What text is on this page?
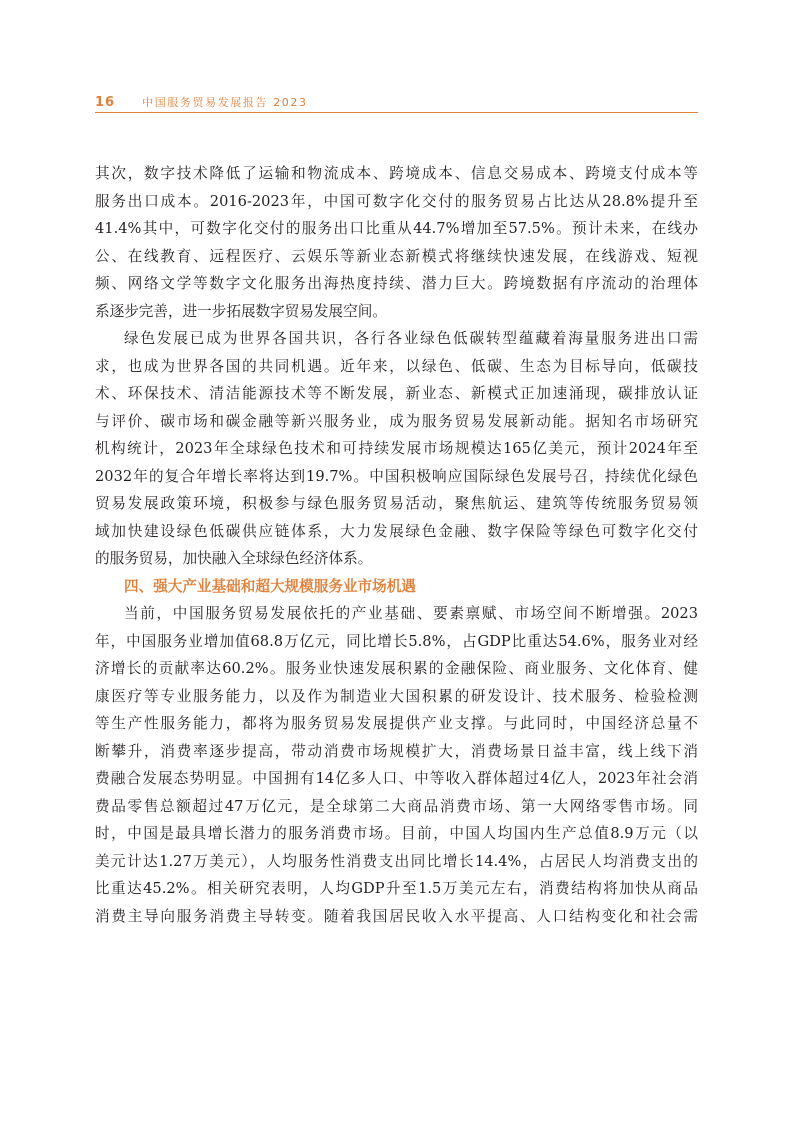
16 中国服务贸易发展报告 2023

其次，数字技术降低了运输和物流成本、跨境成本、信息交易成本、跨境支付成本等
服务出口成本。2016-2023年，中国可数字化交付的服务贸易占比达从28.8%提升至
41.4%其中，可数字化交付的服务出口比重从44.7%增加至57.5%。预计未来，在线办
公、在线教育、远程医疗、云娱乐等新业态新模式将继续快速发展，在线游戏、短视
频、网络文学等数字文化服务出海热度持续、潜力巨大。跨境数据有序流动的治理体
系逐步完善，进一步拓展数字贸易发展空间。

绿色发展已成为世界各国共识，各行各业绿色低碳转型蕴藏着海量服务进出口需
求，也成为世界各国的共同机遇。近年来，以绿色、低碳、生态为目标导向，低碳技
术、环保技术、清洁能源技术等不断发展，新业态、新模式正加速涌现，碳排放认证
与评价、碳市场和碳金融等新兴服务业，成为服务贸易发展新动能。据知名市场研究
机构统计，2023年全球绿色技术和可持续发展市场规模达165亿美元，预计2024年至
2032年的复合年增长率将达到19.7%。中国积极响应国际绿色发展号召，持续优化绿色
贸易发展政策环境，积极参与绿色服务贸易活动，聚焦航运、建筑等传统服务贸易领
域加快建设绿色低碳供应链体系，大力发展绿色金融、数字保险等绿色可数字化交付
的服务贸易，加快融入全球绿色经济体系。

四、强大产业基础和超大规模服务业市场机遇

当前，中国服务贸易发展依托的产业基础、要素禀赋、市场空间不断增强。2023
年，中国服务业增加值68.8万亿元，同比增长5.8%，占GDP比重达54.6%，服务业对经
济增长的贡献率达60.2%。服务业快速发展积累的金融保险、商业服务、文化体育、健
康医疗等专业服务能力，以及作为制造业大国积累的研发设计、技术服务、检验检测
等生产性服务能力，都将为服务贸易发展提供产业支撑。与此同时，中国经济总量不
断攀升，消费率逐步提高，带动消费市场规模扩大，消费场景日益丰富，线上线下消
费融合发展态势明显。中国拥有14亿多人口、中等收入群体超过4亿人，2023年社会消
费品零售总额超过47万亿元，是全球第二大商品消费市场、第一大网络零售市场。同
时，中国是最具增长潜力的服务消费市场。目前，中国人均国内生产总值8.9万元（以
美元计达1.27万美元），人均服务性消费支出同比增长14.4%，占居民人均消费支出的
比重达45.2%。相关研究表明，人均GDP升至1.5万美元左右，消费结构将加快从商品
消费主导向服务消费主导转变。随着我国居民收入水平提高、人口结构变化和社会需
